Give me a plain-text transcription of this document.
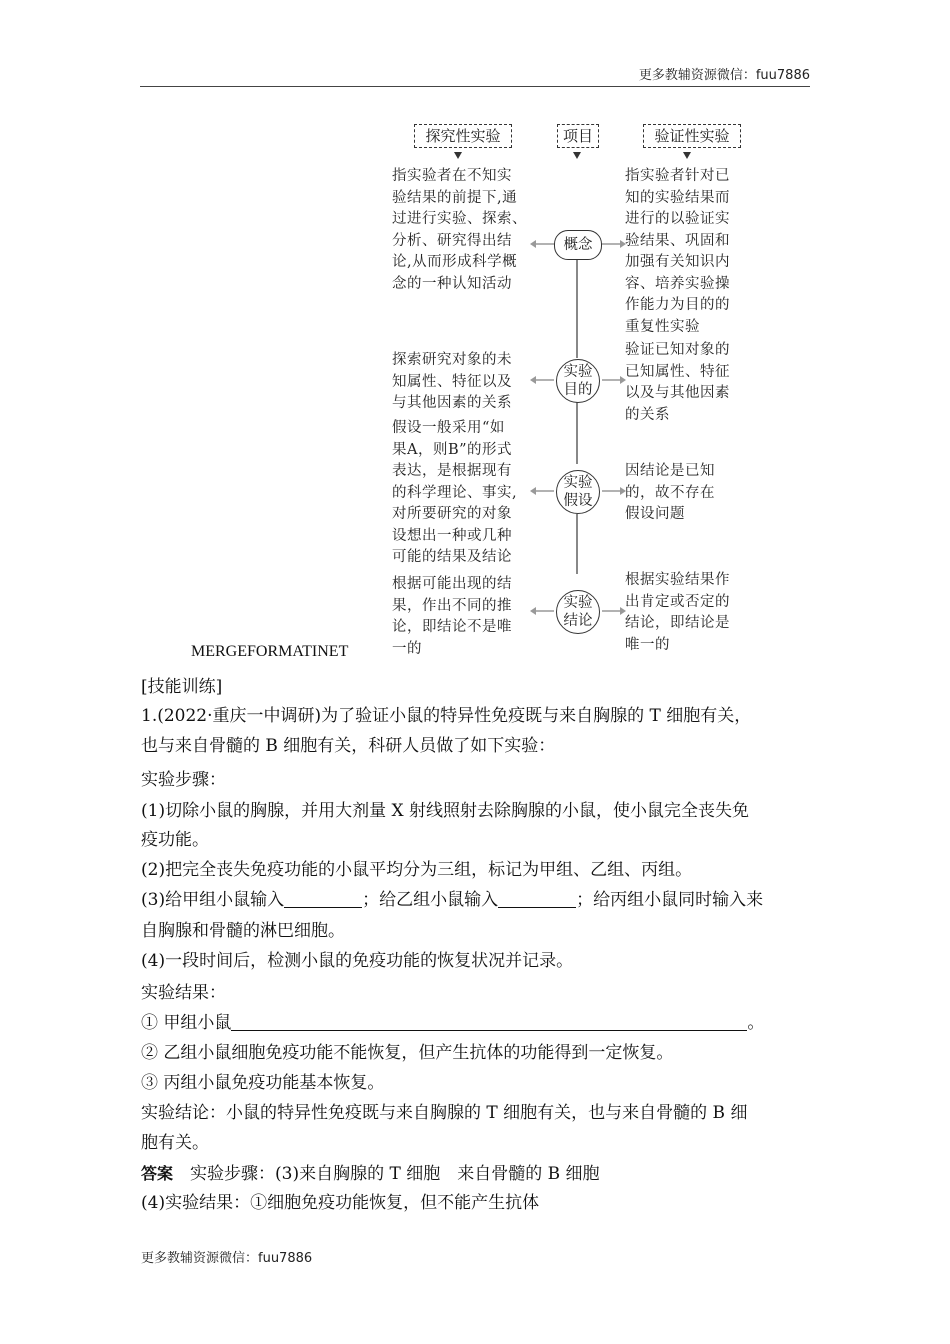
更多教辅资源微信：fuu7886
探究性实验	项目	验证性实验
指实验者在不知实
验结果的前提下,通
过进行实验、探索、
分析、研究得出结
论,从而形成科学概
念的一种认知活动
概念
指实验者针对已
知的实验结果而
进行的以验证实
验结果、巩固和
加强有关知识内
容、培养实验操
作能力为目的的
重复性实验
探索研究对象的未
知属性、特征以及
与其他因素的关系
实验目的
验证已知对象的
已知属性、特征
以及与其他因素
的关系
假设一般采用“如
果A，则B”的形式
表达，是根据现有
的科学理论、事实,
对所要研究的对象
设想出一种或几种
可能的结果及结论
实验假设
因结论是已知
的，故不存在
假设问题
根据可能出现的结
果，作出不同的推
论，即结论不是唯
一的
实验结论
根据实验结果作
出肯定或否定的
结论，即结论是
唯一的
MERGEFORMATINET
[技能训练]
1.(2022·重庆一中调研)为了验证小鼠的特异性免疫既与来自胸腺的 T 细胞有关，
也与来自骨髓的 B 细胞有关，科研人员做了如下实验：
实验步骤：
(1)切除小鼠的胸腺，并用大剂量 X 射线照射去除胸腺的小鼠，使小鼠完全丧失免
疫功能。
(2)把完全丧失免疫功能的小鼠平均分为三组，标记为甲组、乙组、丙组。
(3)给甲组小鼠输入	；给乙组小鼠输入	；给丙组小鼠同时输入来
自胸腺和骨髓的淋巴细胞。
(4)一段时间后，检测小鼠的免疫功能的恢复状况并记录。
实验结果：
① 甲组小鼠	。
② 乙组小鼠细胞免疫功能不能恢复，但产生抗体的功能得到一定恢复。
③ 丙组小鼠免疫功能基本恢复。
实验结论：小鼠的特异性免疫既与来自胸腺的 T 细胞有关，也与来自骨髓的 B 细
胞有关。
答案　实验步骤：(3)来自胸腺的 T 细胞　来自骨髓的 B 细胞
(4)实验结果：①细胞免疫功能恢复，但不能产生抗体
更多教辅资源微信：fuu7886
